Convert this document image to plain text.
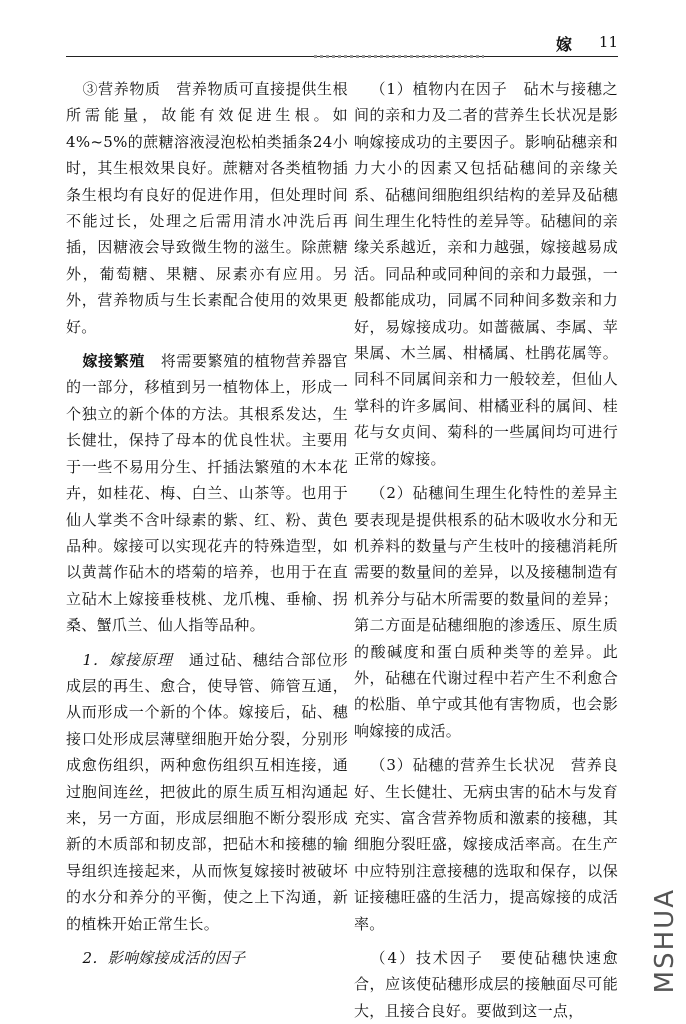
嫁 11

③营养物质　 营养物质可直接提供生根所需能量，故能有效促进生根。如4%~5%的蔗糖溶液浸泡松柏类插条24小时，其生根效果良好。蔗糖对各类植物插条生根均有良好的促进作用，但处理时间不能过长，处理之后需用清水冲洗后再插，因糖液会导致微生物的滋生。除蔗糖外，葡萄糖、果糖、尿素亦有应用。另外，营养物质与生长素配合使用的效果更好。

嫁接繁殖　 将需要繁殖的植物营养器官的一部分，移植到另一植物体上，形成一个独立的新个体的方法。其根系发达，生长健壮，保持了母本的优良性状。主要用于一些不易用分生、扦插法繁殖的木本花卉，如桂花、梅、白兰、山茶等。也用于仙人掌类不含叶绿素的紫、红、粉、黄色品种。嫁接可以实现花卉的特殊造型，如以黄蒿作砧木的塔菊的培养，也用于在直立砧木上嫁接垂枝桃、龙爪槐、垂榆、拐桑、蟹爪兰、仙人指等品种。

1．嫁接原理　 通过砧、穗结合部位形成层的再生、愈合，使导管、筛管互通，从而形成一个新的个体。嫁接后，砧、穗接口处形成层薄壁细胞开始分裂，分别形成愈伤组织，两种愈伤组织互相连接，通过胞间连丝，把彼此的原生质互相沟通起来，另一方面，形成层细胞不断分裂形成新的木质部和韧皮部，把砧木和接穗的输导组织连接起来，从而恢复嫁接时被破坏的水分和养分的平衡，使之上下沟通，新的植株开始正常生长。

2．影响嫁接成活的因子

（1）植物内在因子　 砧木与接穗之间的亲和力及二者的营养生长状况是影响嫁接成功的主要因子。影响砧穗亲和力大小的因素又包括砧穗间的亲缘关系、砧穗间细胞组织结构的差异及砧穗间生理生化特性的差异等。砧穗间的亲缘关系越近，亲和力越强，嫁接越易成活。同品种或同种间的亲和力最强，一般都能成功，同属不同种间多数亲和力好，易嫁接成功。如蔷薇属、李属、苹果属、木兰属、柑橘属、杜鹃花属等。同科不同属间亲和力一般较差，但仙人掌科的许多属间、柑橘亚科的属间、桂花与女贞间、菊科的一些属间均可进行正常的嫁接。

（2）砧穗间生理生化特性的差异主要表现是提供根系的砧木吸收水分和无机养料的数量与产生枝叶的接穗消耗所需要的数量间的差异，以及接穗制造有机养分与砧木所需要的数量间的差异；第二方面是砧穗细胞的渗透压、原生质的酸碱度和蛋白质种类等的差异。此外，砧穗在代谢过程中若产生不利愈合的松脂、单宁或其他有害物质，也会影响嫁接的成活。

（3）砧穗的营养生长状况　 营养良好、生长健壮、无病虫害的砧木与发育充实、富含营养物质和激素的接穗，其细胞分裂旺盛，嫁接成活率高。在生产中应特别注意接穗的选取和保存，以保证接穗旺盛的生活力，提高嫁接的成活率。

（4）技术因子　 要使砧穗快速愈合，应该使砧穗形成层的接触面尽可能大，且接合良好。要做到这一点，

MSHUA
